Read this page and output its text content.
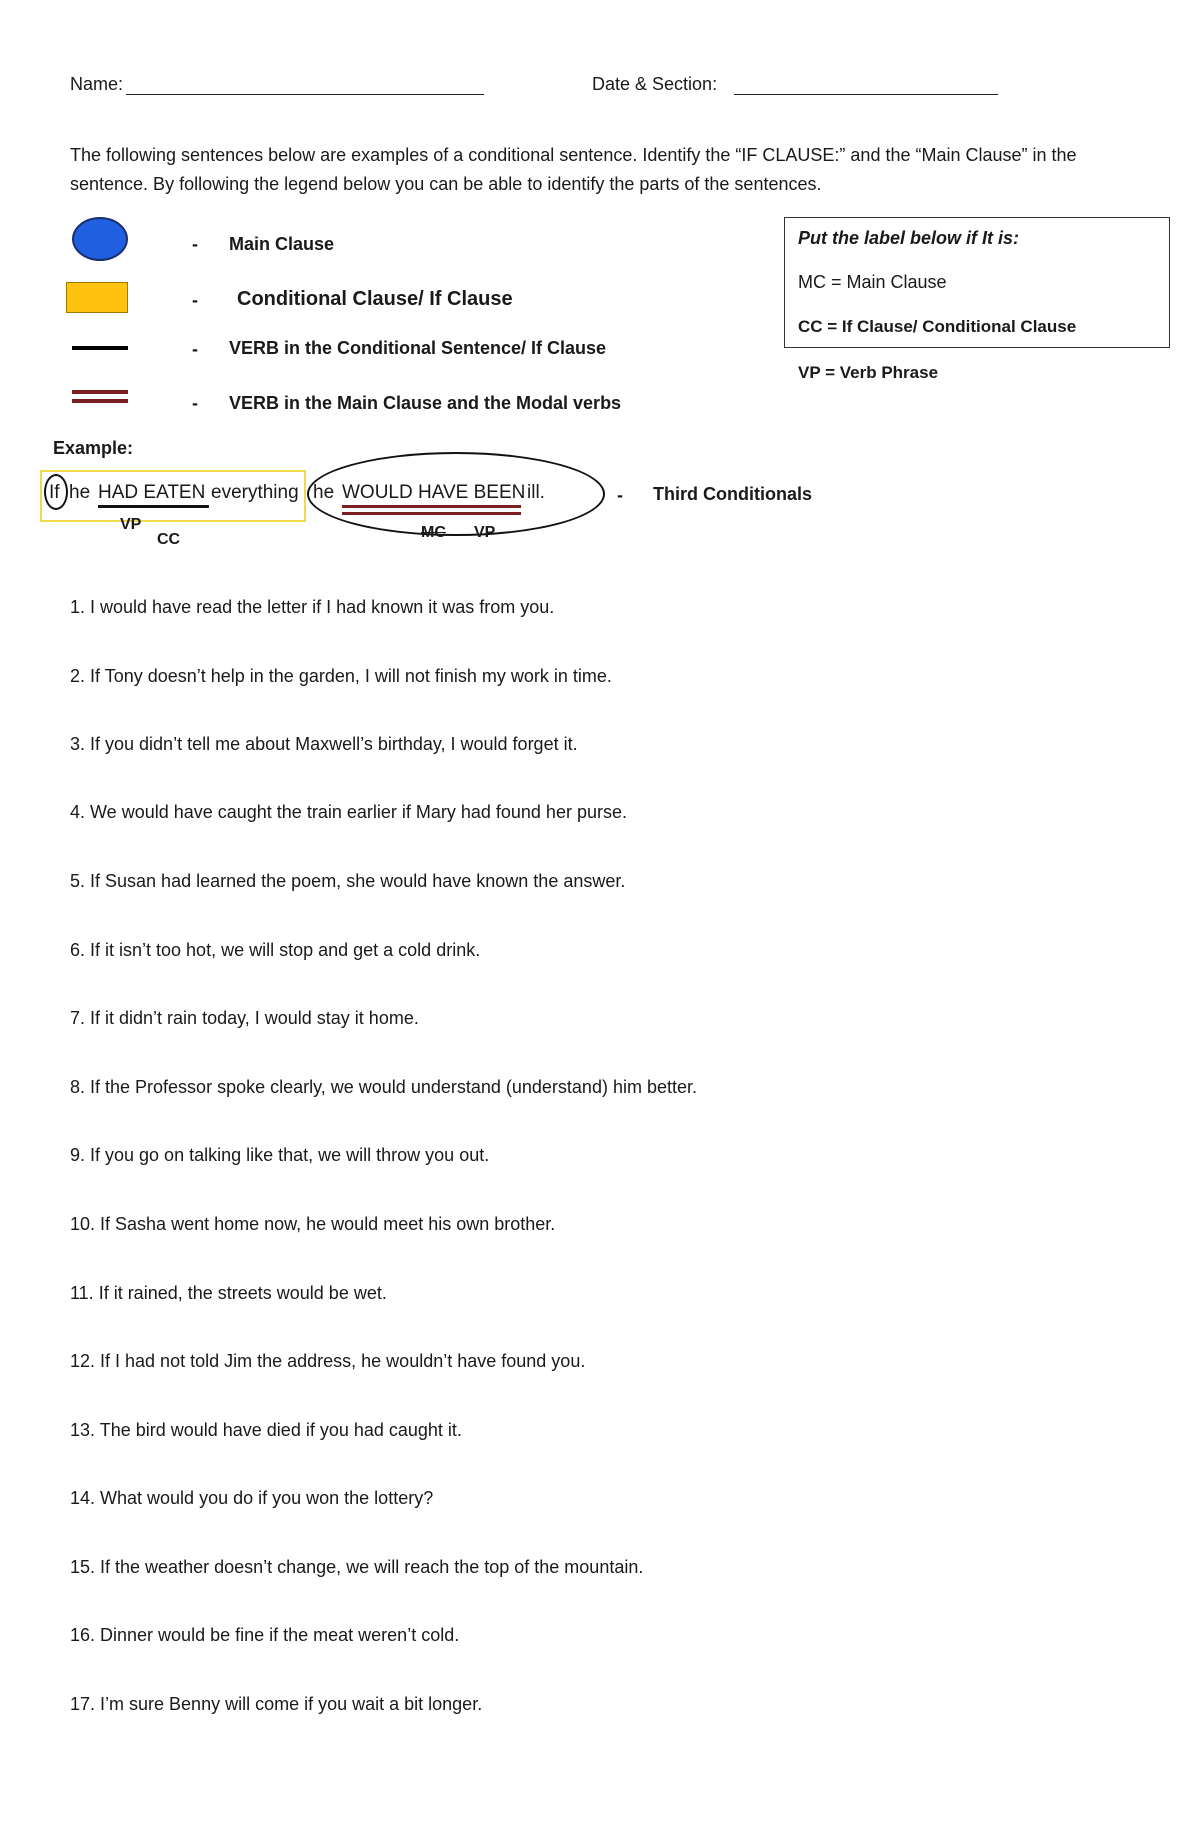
Name:	Date & Section:
The following sentences below are examples of a conditional sentence. Identify the “IF CLAUSE:” and the “Main Clause” in the sentence. By following the legend below you can be able to identify the parts of the sentences.
- Main Clause
- Conditional Clause/ If Clause
- VERB in the Conditional Sentence/ If Clause
- VERB in the Main Clause and the Modal verbs
Put the label below if It is:
MC = Main Clause
CC = If Clause/ Conditional Clause
VP = Verb Phrase
Example:
If he HAD EATEN everything he WOULD HAVE BEEN ill.
VP
CC	MC VP
- Third Conditionals
1. I would have read the letter if I had known it was from you.
2. If Tony doesn’t help in the garden, I will not finish my work in time.
3. If you didn’t tell me about Maxwell’s birthday, I would forget it.
4. We would have caught the train earlier if Mary had found her purse.
5. If Susan had learned the poem, she would have known the answer.
6. If it isn’t too hot, we will stop and get a cold drink.
7. If it didn’t rain today, I would stay it home.
8. If the Professor spoke clearly, we would understand (understand) him better.
9. If you go on talking like that, we will throw you out.
10. If Sasha went home now, he would meet his own brother.
11. If it rained, the streets would be wet.
12. If I had not told Jim the address, he wouldn’t have found you.
13. The bird would have died if you had caught it.
14. What would you do if you won the lottery?
15. If the weather doesn’t change, we will reach the top of the mountain.
16. Dinner would be fine if the meat weren’t cold.
17. I’m sure Benny will come if you wait a bit longer.
